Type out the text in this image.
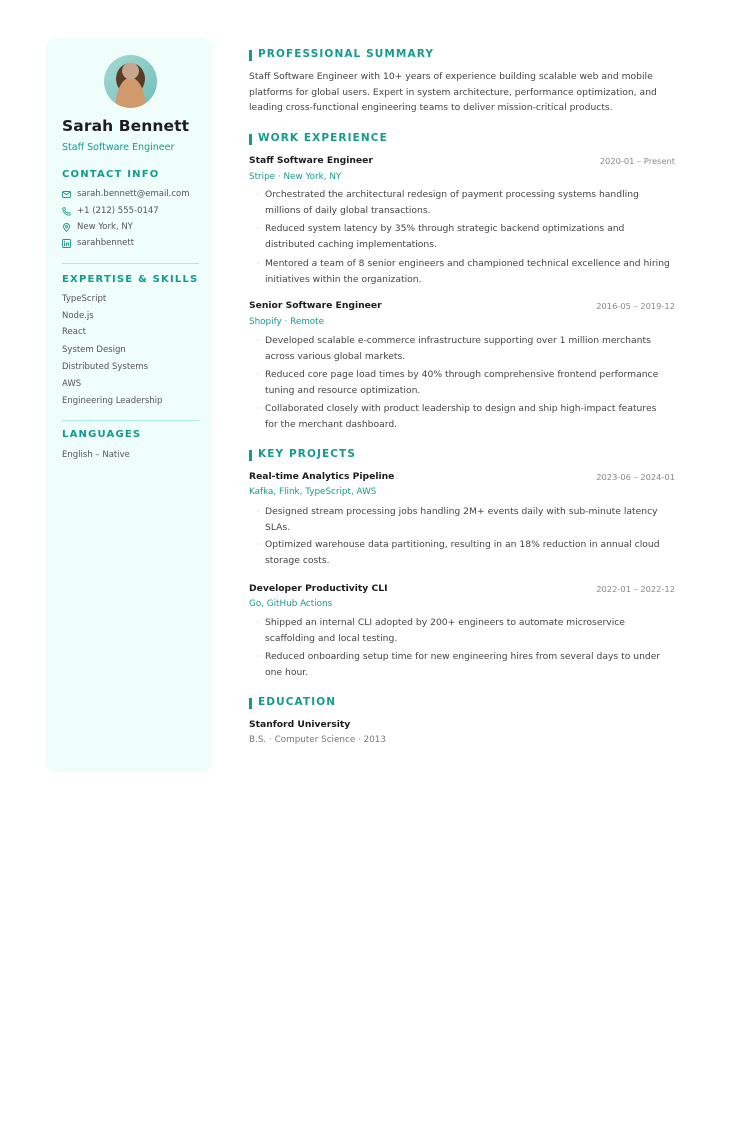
Sarah Bennett
Staff Software Engineer
CONTACT INFO
sarah.bennett@email.com
+1 (212) 555-0147
New York, NY
sarahbennett
EXPERTISE & SKILLS
TypeScript
Node.js
React
System Design
Distributed Systems
AWS
Engineering Leadership
LANGUAGES
English – Native
PROFESSIONAL SUMMARY
Staff Software Engineer with 10+ years of experience building scalable web and mobile
platforms for global users. Expert in system architecture, performance optimization, and
leading cross-functional engineering teams to deliver mission-critical products.
WORK EXPERIENCE
Staff Software Engineer	2020-01 – Present
Stripe · New York, NY
· Orchestrated the architectural redesign of payment processing systems handling
millions of daily global transactions.
· Reduced system latency by 35% through strategic backend optimizations and
distributed caching implementations.
· Mentored a team of 8 senior engineers and championed technical excellence and hiring
initiatives within the organization.
Senior Software Engineer	2016-05 – 2019-12
Shopify · Remote
· Developed scalable e-commerce infrastructure supporting over 1 million merchants
across various global markets.
· Reduced core page load times by 40% through comprehensive frontend performance
tuning and resource optimization.
· Collaborated closely with product leadership to design and ship high-impact features
for the merchant dashboard.
KEY PROJECTS
Real-time Analytics Pipeline	2023-06 – 2024-01
Kafka, Flink, TypeScript, AWS
· Designed stream processing jobs handling 2M+ events daily with sub-minute latency
SLAs.
· Optimized warehouse data partitioning, resulting in an 18% reduction in annual cloud
storage costs.
Developer Productivity CLI	2022-01 – 2022-12
Go, GitHub Actions
· Shipped an internal CLI adopted by 200+ engineers to automate microservice
scaffolding and local testing.
· Reduced onboarding setup time for new engineering hires from several days to under
one hour.
EDUCATION
Stanford University
B.S. · Computer Science · 2013
